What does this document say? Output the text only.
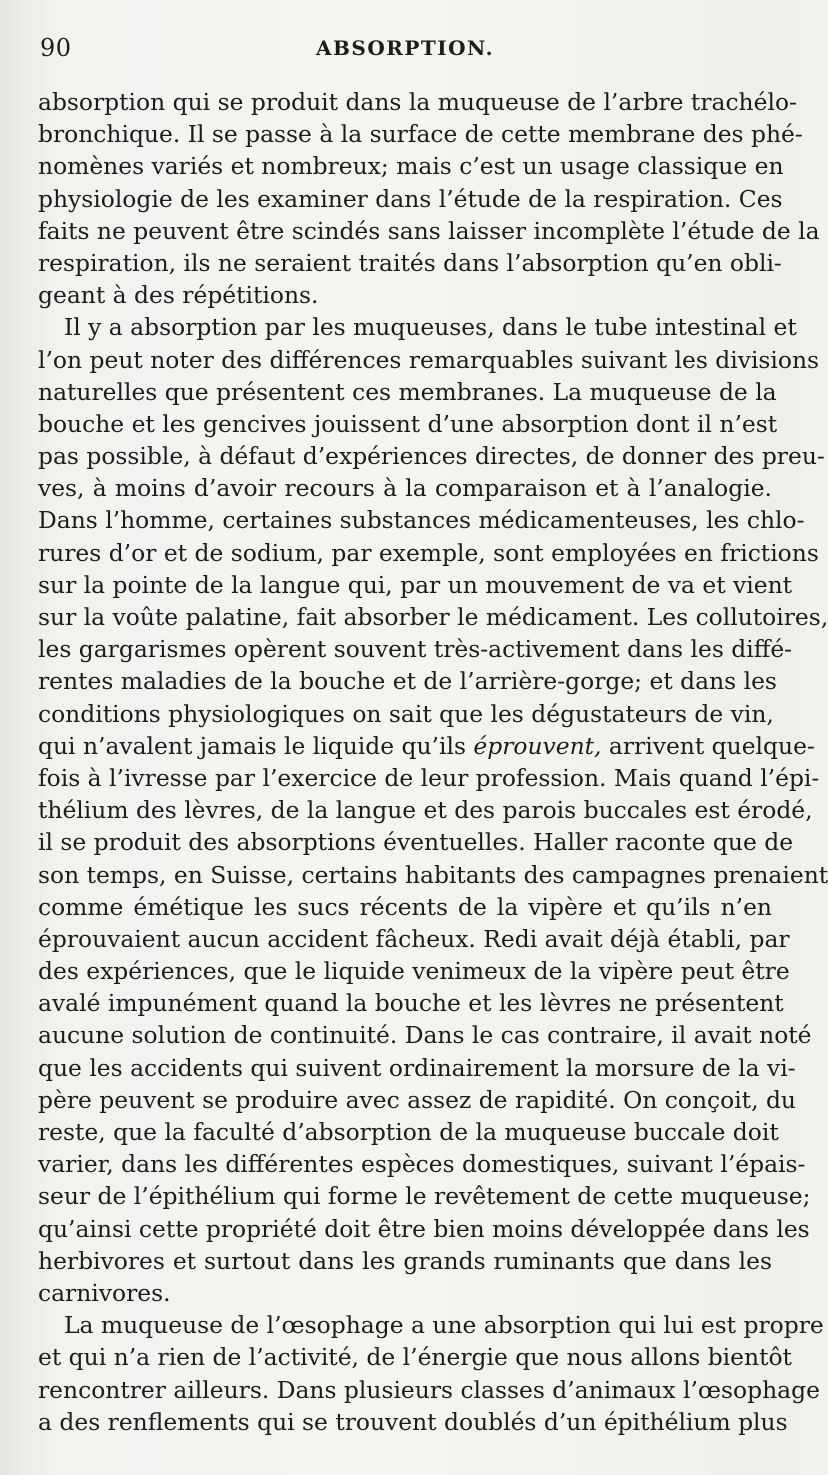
90	ABSORPTION.
absorption qui se produit dans la muqueuse de l’arbre trachélo-
bronchique. Il se passe à la surface de cette membrane des phé-
nomènes variés et nombreux; mais c’est un usage classique en
physiologie de les examiner dans l’étude de la respiration. Ces
faits ne peuvent être scindés sans laisser incomplète l’étude de la
respiration, ils ne seraient traités dans l’absorption qu’en obli-
geant à des répétitions.
Il y a absorption par les muqueuses, dans le tube intestinal et
l’on peut noter des différences remarquables suivant les divisions
naturelles que présentent ces membranes. La muqueuse de la
bouche et les gencives jouissent d’une absorption dont il n’est
pas possible, à défaut d’expériences directes, de donner des preu-
ves, à moins d’avoir recours à la comparaison et à l’analogie.
Dans l’homme, certaines substances médicamenteuses, les chlo-
rures d’or et de sodium, par exemple, sont employées en frictions
sur la pointe de la langue qui, par un mouvement de va et vient
sur la voûte palatine, fait absorber le médicament. Les collutoires,
les gargarismes opèrent souvent très-activement dans les diffé-
rentes maladies de la bouche et de l’arrière-gorge; et dans les
conditions physiologiques on sait que les dégustateurs de vin,
qui n’avalent jamais le liquide qu’ils éprouvent, arrivent quelque-
fois à l’ivresse par l’exercice de leur profession. Mais quand l’épi-
thélium des lèvres, de la langue et des parois buccales est érodé,
il se produit des absorptions éventuelles. Haller raconte que de
son temps, en Suisse, certains habitants des campagnes prenaient
comme émétique les sucs récents de la vipère et qu’ils n’en
éprouvaient aucun accident fâcheux. Redi avait déjà établi, par
des expériences, que le liquide venimeux de la vipère peut être
avalé impunément quand la bouche et les lèvres ne présentent
aucune solution de continuité. Dans le cas contraire, il avait noté
que les accidents qui suivent ordinairement la morsure de la vi-
père peuvent se produire avec assez de rapidité. On conçoit, du
reste, que la faculté d’absorption de la muqueuse buccale doit
varier, dans les différentes espèces domestiques, suivant l’épais-
seur de l’épithélium qui forme le revêtement de cette muqueuse;
qu’ainsi cette propriété doit être bien moins développée dans les
herbivores et surtout dans les grands ruminants que dans les
carnivores.
La muqueuse de l’œsophage a une absorption qui lui est propre
et qui n’a rien de l’activité, de l’énergie que nous allons bientôt
rencontrer ailleurs. Dans plusieurs classes d’animaux l’œsophage
a des renflements qui se trouvent doublés d’un épithélium plus
